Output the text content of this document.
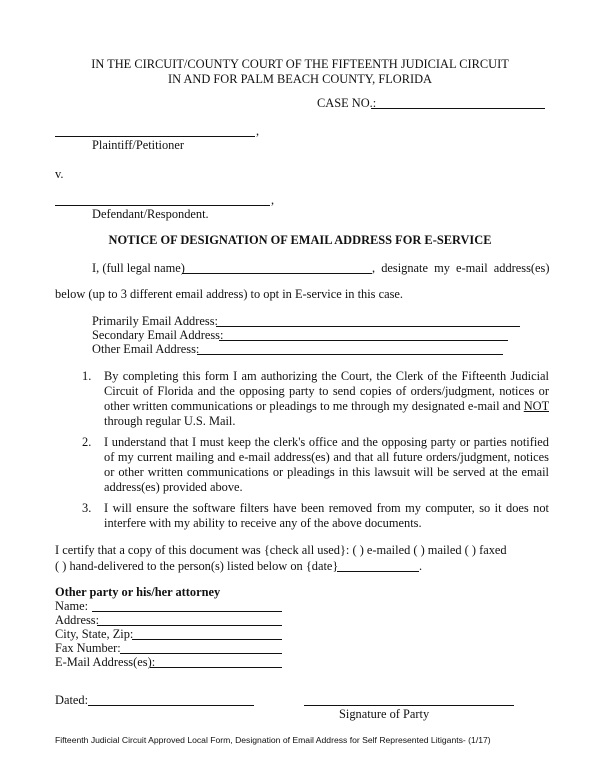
IN THE CIRCUIT/COUNTY COURT OF THE FIFTEENTH JUDICIAL CIRCUIT
IN AND FOR PALM BEACH COUNTY, FLORIDA
CASE NO.:
,
Plaintiff/Petitioner
v.
,
Defendant/Respondent.
NOTICE OF DESIGNATION OF EMAIL ADDRESS FOR E-SERVICE
I, (full legal name)	, designate my e-mail address(es)
below (up to 3 different email address) to opt in E-service in this case.
Primarily Email Address:
Secondary Email Address:
Other Email Address:
1. By completing this form I am authorizing the Court, the Clerk of the Fifteenth Judicial Circuit of Florida and the opposing party to send copies of orders/judgment, notices or other written communications or pleadings to me through my designated e-mail and NOT through regular U.S. Mail.
2. I understand that I must keep the clerk's office and the opposing party or parties notified of my current mailing and e-mail address(es) and that all future orders/judgment, notices or other written communications or pleadings in this lawsuit will be served at the email address(es) provided above.
3. I will ensure the software filters have been removed from my computer, so it does not interfere with my ability to receive any of the above documents.
I certify that a copy of this document was {check all used}: ( ) e-mailed ( ) mailed ( ) faxed
( ) hand-delivered to the person(s) listed below on {date}	.
Other party or his/her attorney
Name:
Address:
City, State, Zip:
Fax Number:
E-Mail Address(es):
Dated:
Signature of Party
Fifteenth Judicial Circuit Approved Local Form, Designation of Email Address for Self Represented Litigants- (1/17)
